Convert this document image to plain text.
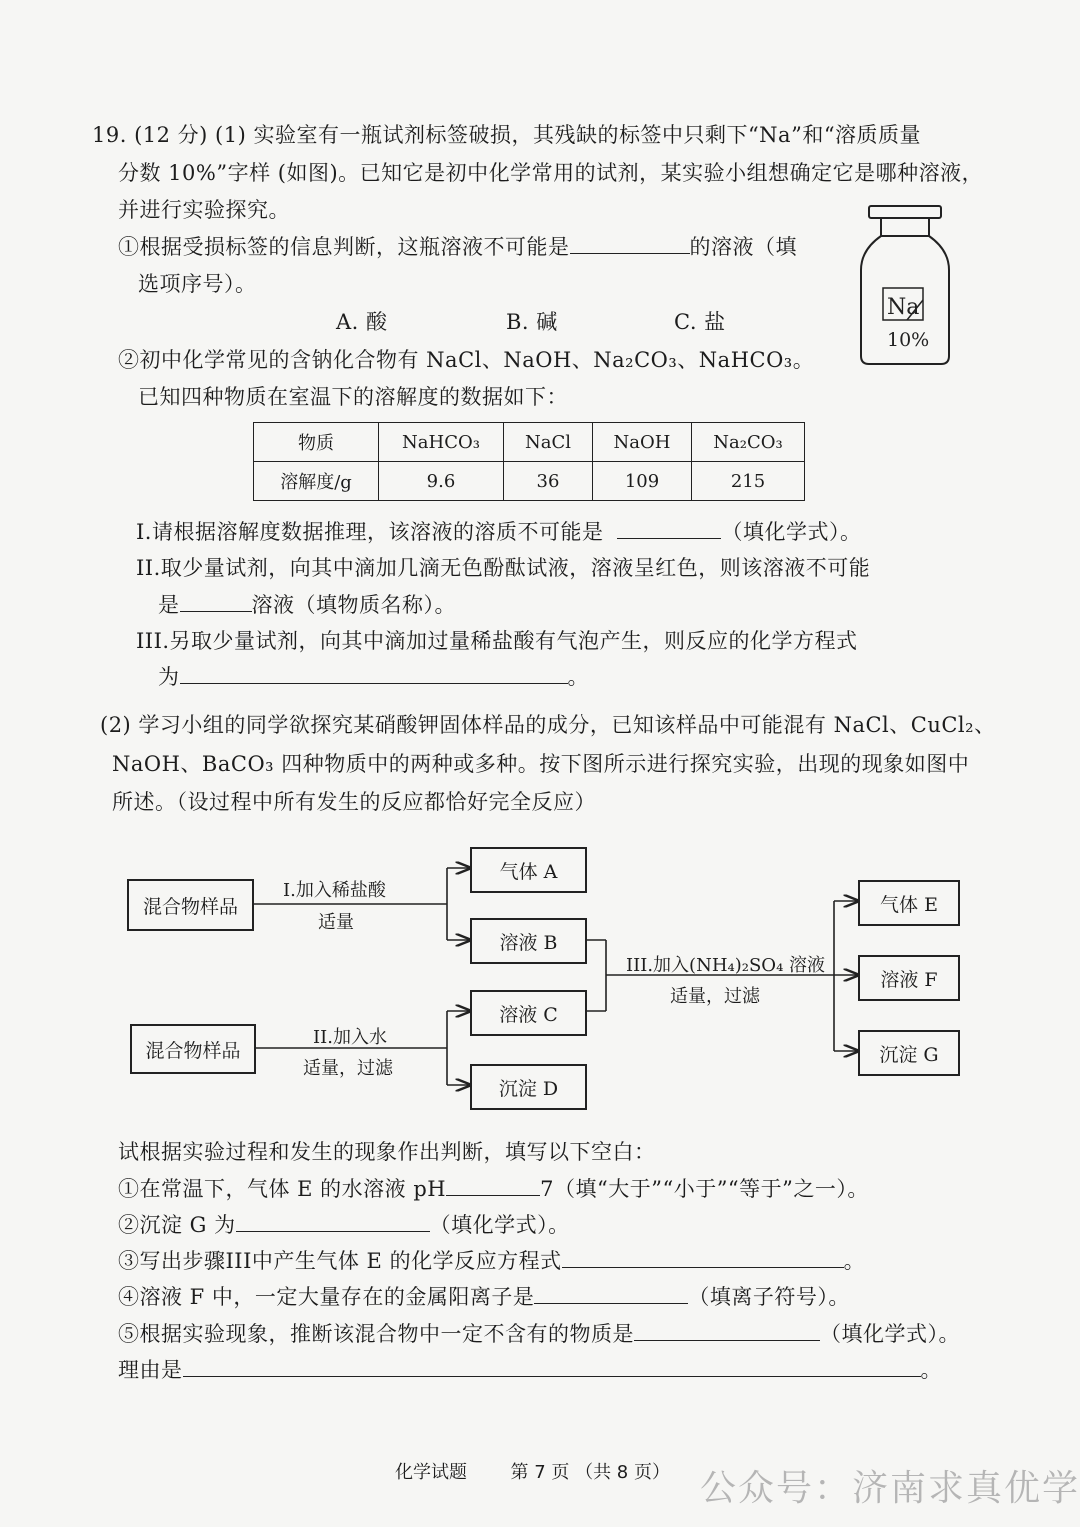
19. (12 分) (1) 实验室有一瓶试剂标签破损，其残缺的标签中只剩下“Na”和“溶质质量
分数 10%”字样 (如图)。已知它是初中化学常用的试剂，某实验小组想确定它是哪种溶液，
并进行实验探究。
①根据受损标签的信息判断，这瓶溶液不可能是	的溶液（填
选项序号）。
A. 酸	B. 碱	C. 盐
Na
10%
②初中化学常见的含钠化合物有 NaCl、NaOH、Na₂CO₃、NaHCO₃。
已知四种物质在室温下的溶解度的数据如下：
物质	NaHCO₃	NaCl	NaOH	Na₂CO₃
溶解度/g	9.6	36	109	215
I.请根据溶解度数据推理，该溶液的溶质不可能是	（填化学式）。
II.取少量试剂，向其中滴加几滴无色酚酞试液，溶液呈红色，则该溶液不可能
是	溶液（填物质名称）。
III.另取少量试剂，向其中滴加过量稀盐酸有气泡产生，则反应的化学方程式
为	。
(2) 学习小组的同学欲探究某硝酸钾固体样品的成分，已知该样品中可能混有 NaCl、CuCl₂、
NaOH、BaCO₃ 四种物质中的两种或多种。按下图所示进行探究实验，出现的现象如图中
所述。（设过程中所有发生的反应都恰好完全反应）
混合物样品
混合物样品
I.加入稀盐酸
适量
II.加入水
适量，过滤
III.加入(NH₄)₂SO₄ 溶液
适量，过滤
气体 A
溶液 B
溶液 C
沉淀 D
气体 E
溶液 F
沉淀 G
试根据实验过程和发生的现象作出判断，填写以下空白：
①在常温下，气体 E 的水溶液 pH	7（填“大于”“小于”“等于”之一）。
②沉淀 G 为	（填化学式）。
③写出步骤III中产生气体 E 的化学反应方程式	。
④溶液 F 中，一定大量存在的金属阳离子是	（填离子符号）。
⑤根据实验现象，推断该混合物中一定不含有的物质是	（填化学式）。
理由是	。
化学试题 第 7 页 （共 8 页） 公众号：济南求真优学
